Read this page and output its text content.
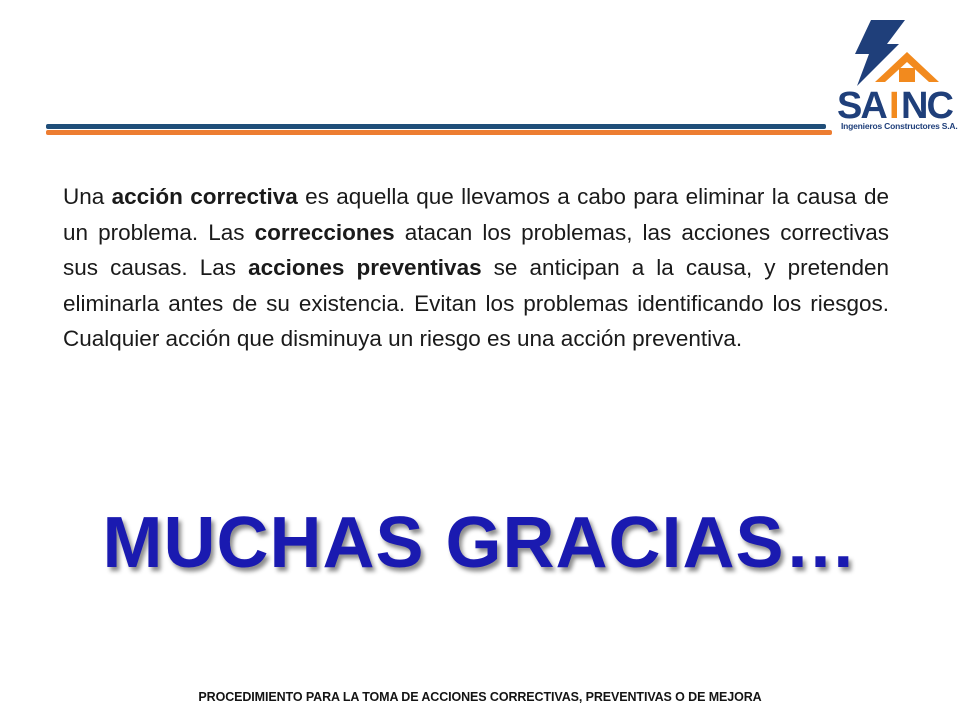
SA I NC
Ingenieros Constructores S.A.

Una acción correctiva es aquella que llevamos a cabo para eliminar la causa de un problema. Las correcciones atacan los problemas, las acciones correctivas sus causas. Las acciones preventivas se anticipan a la causa, y pretenden eliminarla antes de su existencia. Evitan los problemas identificando los riesgos. Cualquier acción que disminuya un riesgo es una acción preventiva.

MUCHAS GRACIAS…
PROCEDIMIENTO PARA LA TOMA DE ACCIONES CORRECTIVAS, PREVENTIVAS O DE MEJORA
